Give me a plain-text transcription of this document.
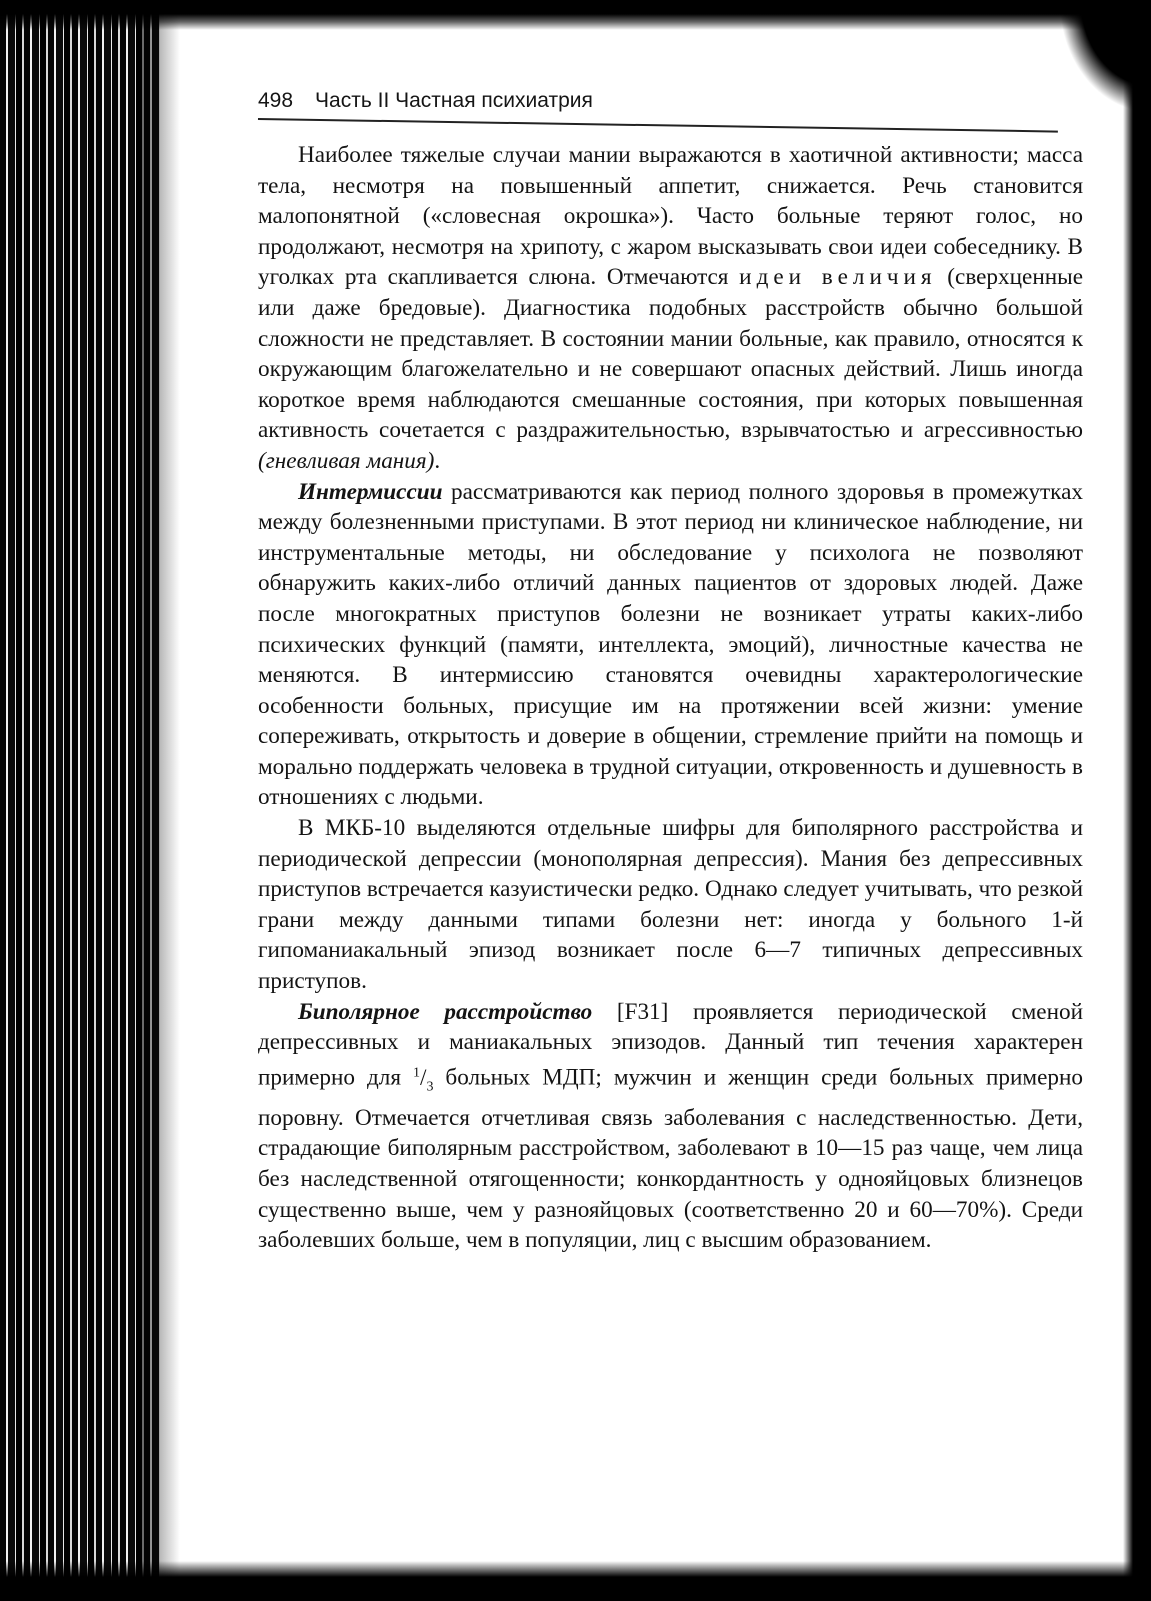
498 Часть II Частная психиатрия

Наиболее тяжелые случаи мании выражаются в хаотичной активности; масса тела, несмотря на повышенный аппетит, снижается. Речь становится малопонятной («словесная окрошка»). Часто больные теряют голос, но продолжают, несмотря на хрипоту, с жаром высказывать свои идеи собеседнику. В уголках рта скапливается слюна. Отмечаются идеи величия (сверхценные или даже бредовые). Диагностика подобных расстройств обычно большой сложности не представляет. В состоянии мании больные, как правило, относятся к окружающим благожелательно и не совершают опасных действий. Лишь иногда короткое время наблюдаются смешанные состояния, при которых повышенная активность сочетается с раздражительностью, взрывчатостью и агрессивностью (гневливая мания).

Интермиссии рассматриваются как период полного здоровья в промежутках между болезненными приступами. В этот период ни клиническое наблюдение, ни инструментальные методы, ни обследование у психолога не позволяют обнаружить каких-либо отличий данных пациентов от здоровых людей. Даже после многократных приступов болезни не возникает утраты каких-либо психических функций (памяти, интеллекта, эмоций), личностные качества не меняются. В интермиссию становятся очевидны характерологические особенности больных, присущие им на протяжении всей жизни: умение сопереживать, открытость и доверие в общении, стремление прийти на помощь и морально поддержать человека в трудной ситуации, откровенность и душевность в отношениях с людьми.

В МКБ-10 выделяются отдельные шифры для биполярного расстройства и периодической депрессии (монополярная депрессия). Мания без депрессивных приступов встречается казуистически редко. Однако следует учитывать, что резкой грани между данными типами болезни нет: иногда у больного 1-й гипоманиакальный эпизод возникает после 6—7 типичных депрессивных приступов.

Биполярное расстройство [F31] проявляется периодической сменой депрессивных и маниакальных эпизодов. Данный тип течения характерен примерно для $^1/_3$ больных МДП; мужчин и женщин среди больных примерно поровну. Отмечается отчетливая связь заболевания с наследственностью. Дети, страдающие биполярным расстройством, заболевают в 10—15 раз чаще, чем лица без наследственной отягощенности; конкордантность у однояйцовых близнецов существенно выше, чем у разнояйцовых (соответственно 20 и 60—70%). Среди заболевших больше, чем в популяции, лиц с высшим образованием.
